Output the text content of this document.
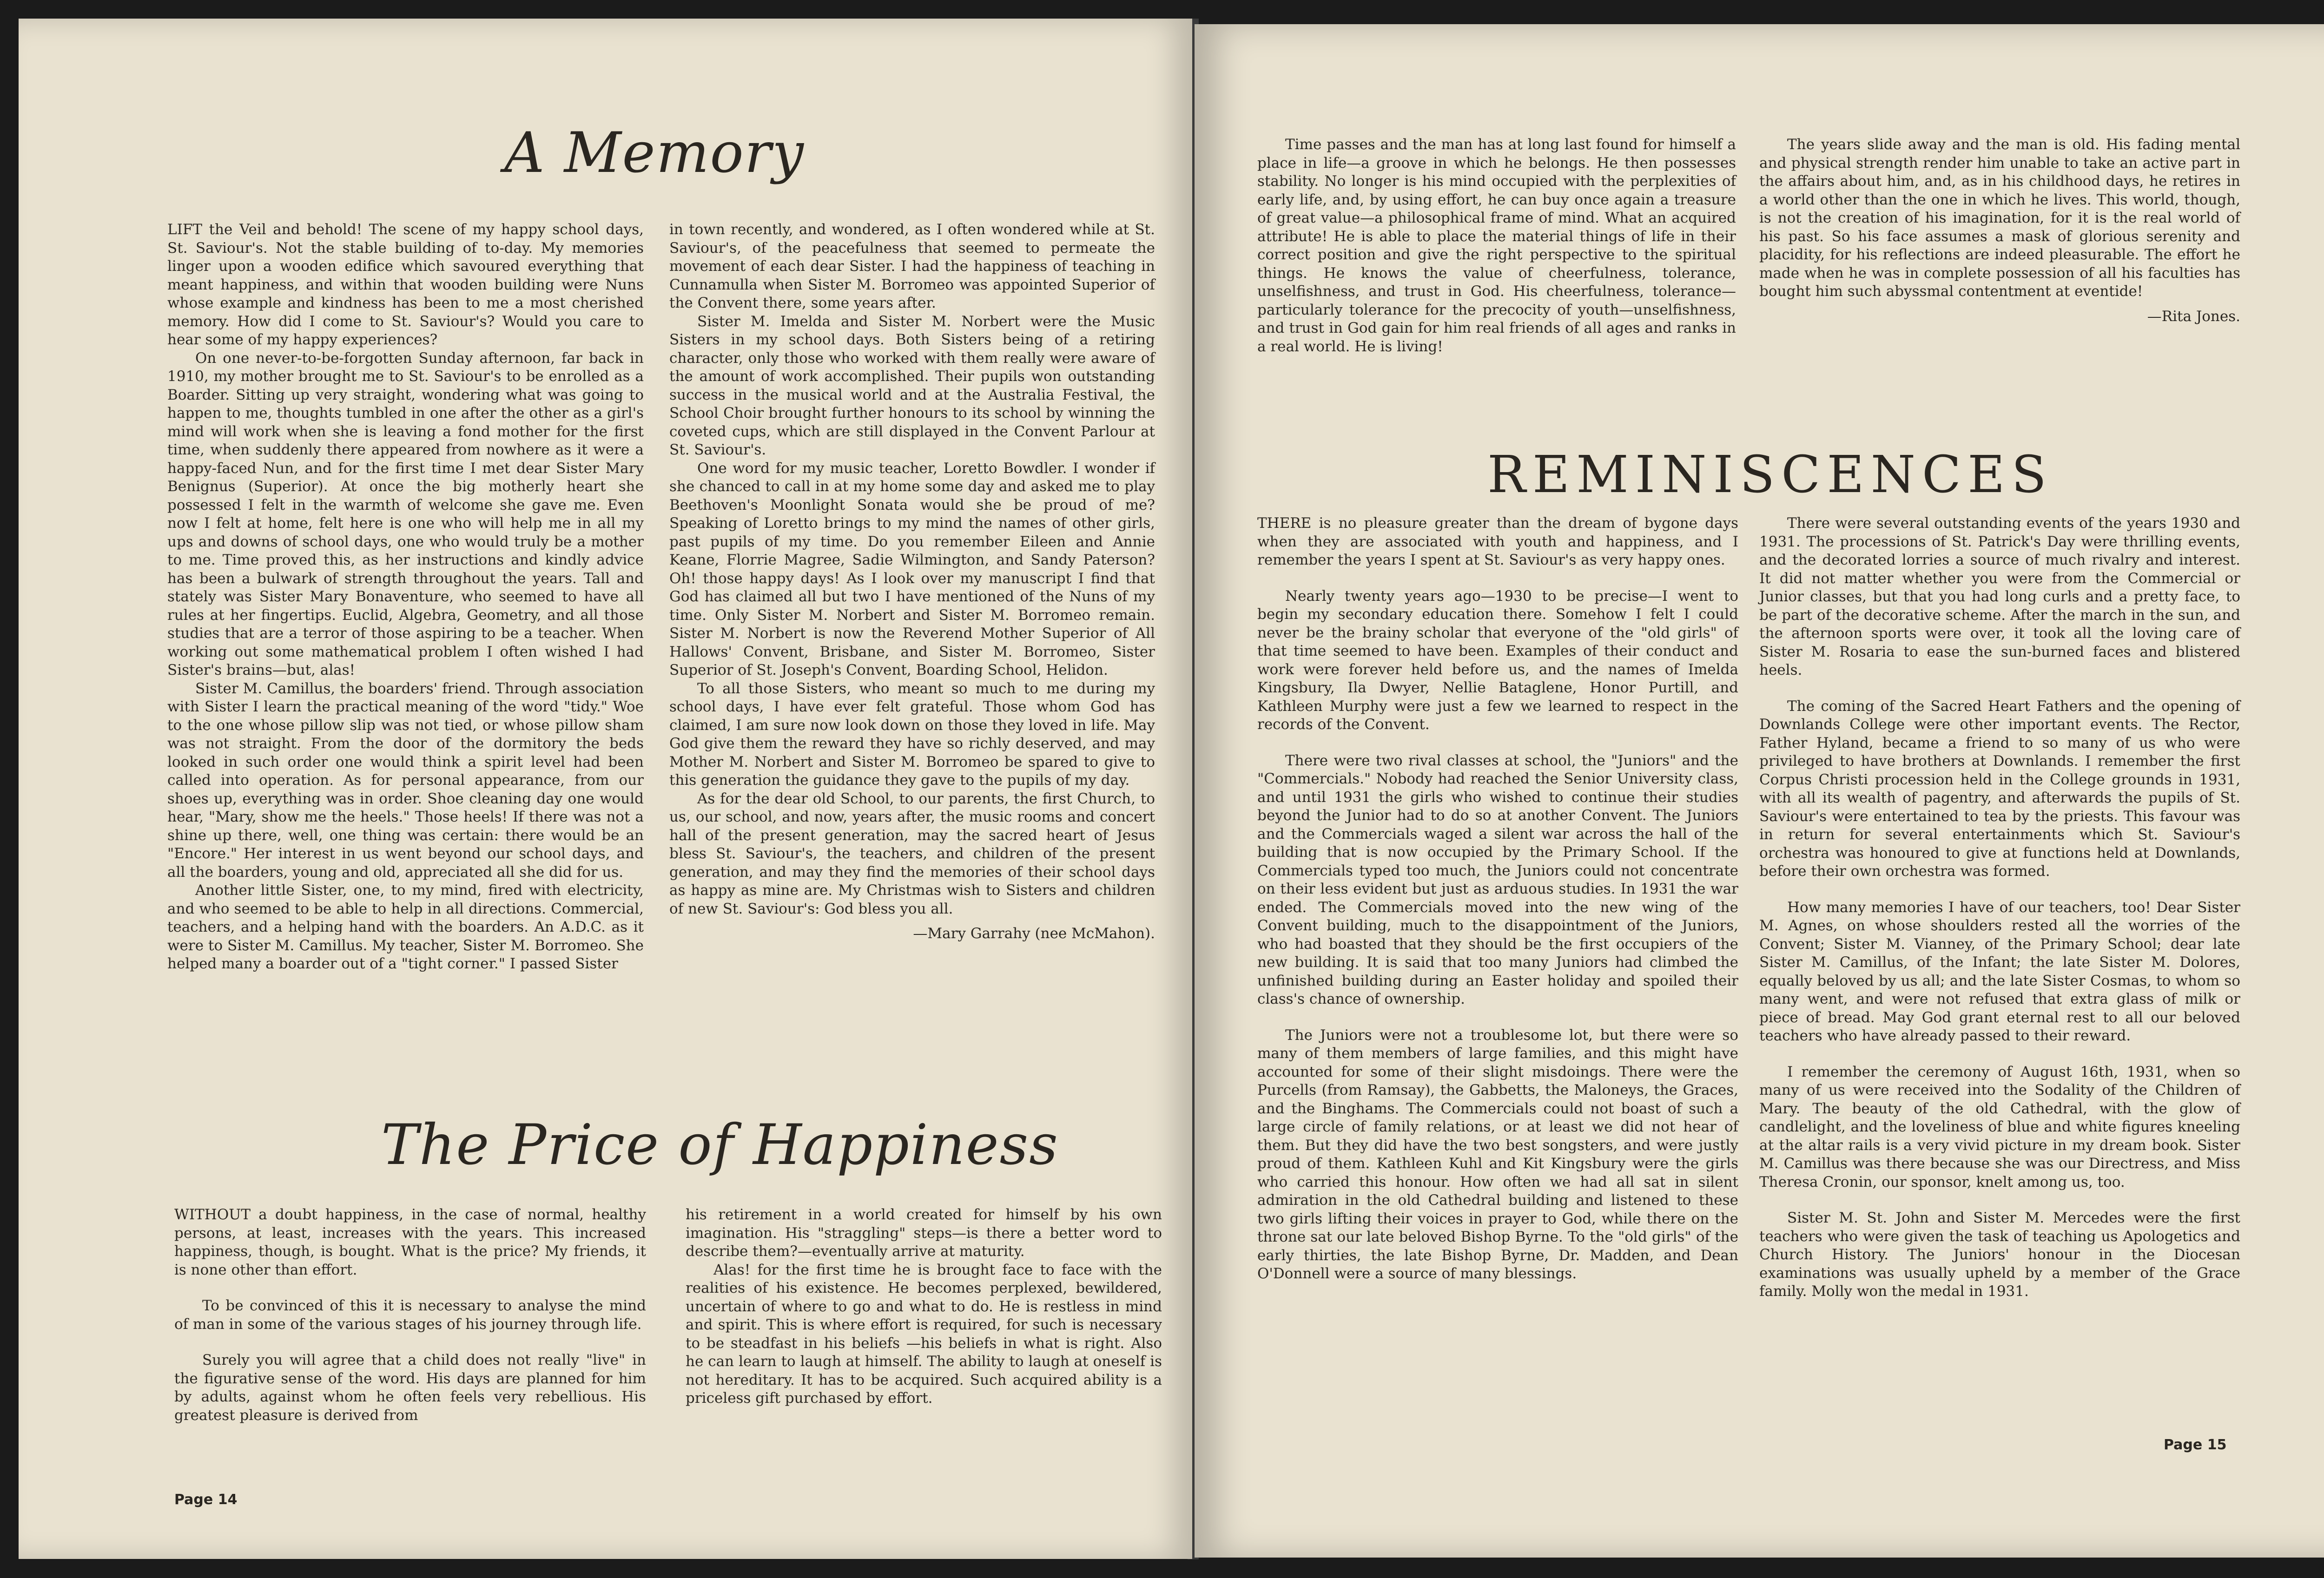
A Memory

LIFT the Veil and behold! The scene of my happy school days, St. Saviour's. Not the stable building of to-day. My memories linger upon a wooden edifice which savoured everything that meant happiness, and within that wooden building were Nuns whose example and kindness has been to me a most cherished memory. How did I come to St. Saviour's? Would you care to hear some of my happy experiences?

On one never-to-be-forgotten Sunday afternoon, far back in 1910, my mother brought me to St. Saviour's to be enrolled as a Boarder. Sitting up very straight, wondering what was going to happen to me, thoughts tumbled in one after the other as a girl's mind will work when she is leaving a fond mother for the first time, when suddenly there appeared from nowhere as it were a happy-faced Nun, and for the first time I met dear Sister Mary Benignus (Superior). At once the big motherly heart she possessed I felt in the warmth of welcome she gave me. Even now I felt at home, felt here is one who will help me in all my ups and downs of school days, one who would truly be a mother to me. Time proved this, as her instructions and kindly advice has been a bulwark of strength throughout the years. Tall and stately was Sister Mary Bonaventure, who seemed to have all rules at her fingertips. Euclid, Algebra, Geometry, and all those studies that are a terror of those aspiring to be a teacher. When working out some mathematical problem I often wished I had Sister's brains—but, alas!

Sister M. Camillus, the boarders' friend. Through association with Sister I learn the practical meaning of the word "tidy." Woe to the one whose pillow slip was not tied, or whose pillow sham was not straight. From the door of the dormitory the beds looked in such order one would think a spirit level had been called into operation. As for personal appearance, from our shoes up, everything was in order. Shoe cleaning day one would hear, "Mary, show me the heels." Those heels! If there was not a shine up there, well, one thing was certain: there would be an "Encore." Her interest in us went beyond our school days, and all the boarders, young and old, appreciated all she did for us.

Another little Sister, one, to my mind, fired with electricity, and who seemed to be able to help in all directions. Commercial, teachers, and a helping hand with the boarders. An A.D.C. as it were to Sister M. Camillus. My teacher, Sister M. Borromeo. She helped many a boarder out of a "tight corner." I passed Sister

in town recently, and wondered, as I often wondered while at St. Saviour's, of the peacefulness that seemed to permeate the movement of each dear Sister. I had the happiness of teaching in Cunnamulla when Sister M. Borromeo was appointed Superior of the Convent there, some years after.

Sister M. Imelda and Sister M. Norbert were the Music Sisters in my school days. Both Sisters being of a retiring character, only those who worked with them really were aware of the amount of work accomplished. Their pupils won outstanding success in the musical world and at the Australia Festival, the School Choir brought further honours to its school by winning the coveted cups, which are still displayed in the Convent Parlour at St. Saviour's.

One word for my music teacher, Loretto Bowdler. I wonder if she chanced to call in at my home some day and asked me to play Beethoven's Moonlight Sonata would she be proud of me? Speaking of Loretto brings to my mind the names of other girls, past pupils of my time. Do you remember Eileen and Annie Keane, Florrie Magree, Sadie Wilmington, and Sandy Paterson? Oh! those happy days! As I look over my manuscript I find that God has claimed all but two I have mentioned of the Nuns of my time. Only Sister M. Norbert and Sister M. Borromeo remain. Sister M. Norbert is now the Reverend Mother Superior of All Hallows' Convent, Brisbane, and Sister M. Borromeo, Sister Superior of St. Joseph's Convent, Boarding School, Helidon.

To all those Sisters, who meant so much to me during my school days, I have ever felt grateful. Those whom God has claimed, I am sure now look down on those they loved in life. May God give them the reward they have so richly deserved, and may Mother M. Norbert and Sister M. Borromeo be spared to give to this generation the guidance they gave to the pupils of my day.

As for the dear old School, to our parents, the first Church, to us, our school, and now, years after, the music rooms and concert hall of the present generation, may the sacred heart of Jesus bless St. Saviour's, the teachers, and children of the present generation, and may they find the memories of their school days as happy as mine are. My Christmas wish to Sisters and children of new St. Saviour's: God bless you all.

—Mary Garrahy (nee McMahon).

The Price of Happiness

WITHOUT a doubt happiness, in the case of normal, healthy persons, at least, increases with the years. This increased happiness, though, is bought. What is the price? My friends, it is none other than effort.

To be convinced of this it is necessary to analyse the mind of man in some of the various stages of his journey through life.

Surely you will agree that a child does not really "live" in the figurative sense of the word. His days are planned for him by adults, against whom he often feels very rebellious. His greatest pleasure is derived from

his retirement in a world created for himself by his own imagination. His "straggling" steps—is there a better word to describe them?—eventually arrive at maturity.

Alas! for the first time he is brought face to face with the realities of his existence. He becomes perplexed, bewildered, uncertain of where to go and what to do. He is restless in mind and spirit. This is where effort is required, for such is necessary to be steadfast in his beliefs —his beliefs in what is right. Also he can learn to laugh at himself. The ability to laugh at oneself is not hereditary. It has to be acquired. Such acquired ability is a priceless gift purchased by effort.

Page 14

Time passes and the man has at long last found for himself a place in life—a groove in which he belongs. He then possesses stability. No longer is his mind occupied with the perplexities of early life, and, by using effort, he can buy once again a treasure of great value—a philosophical frame of mind. What an acquired attribute! He is able to place the material things of life in their correct position and give the right perspective to the spiritual things. He knows the value of cheerfulness, tolerance, unselfishness, and trust in God. His cheerfulness, tolerance—particularly tolerance for the precocity of youth—unselfishness, and trust in God gain for him real friends of all ages and ranks in a real world. He is living!

The years slide away and the man is old. His fading mental and physical strength render him unable to take an active part in the affairs about him, and, as in his childhood days, he retires in a world other than the one in which he lives. This world, though, is not the creation of his imagination, for it is the real world of his past. So his face assumes a mask of glorious serenity and placidity, for his reflections are indeed pleasurable. The effort he made when he was in complete possession of all his faculties has bought him such abyssmal contentment at eventide!

—Rita Jones.

REMINISCENCES

THERE is no pleasure greater than the dream of bygone days when they are associated with youth and happiness, and I remember the years I spent at St. Saviour's as very happy ones.

Nearly twenty years ago—1930 to be precise—I went to begin my secondary education there. Somehow I felt I could never be the brainy scholar that everyone of the "old girls" of that time seemed to have been. Examples of their conduct and work were forever held before us, and the names of Imelda Kingsbury, Ila Dwyer, Nellie Bataglene, Honor Purtill, and Kathleen Murphy were just a few we learned to respect in the records of the Convent.

There were two rival classes at school, the "Juniors" and the "Commercials." Nobody had reached the Senior University class, and until 1931 the girls who wished to continue their studies beyond the Junior had to do so at another Convent. The Juniors and the Commercials waged a silent war across the hall of the building that is now occupied by the Primary School. If the Commercials typed too much, the Juniors could not concentrate on their less evident but just as arduous studies. In 1931 the war ended. The Commercials moved into the new wing of the Convent building, much to the disappointment of the Juniors, who had boasted that they should be the first occupiers of the new building. It is said that too many Juniors had climbed the unfinished building during an Easter holiday and spoiled their class's chance of ownership.

The Juniors were not a troublesome lot, but there were so many of them members of large families, and this might have accounted for some of their slight misdoings. There were the Purcells (from Ramsay), the Gabbetts, the Maloneys, the Graces, and the Binghams. The Commercials could not boast of such a large circle of family relations, or at least we did not hear of them. But they did have the two best songsters, and were justly proud of them. Kathleen Kuhl and Kit Kingsbury were the girls who carried this honour. How often we had all sat in silent admiration in the old Cathedral building and listened to these two girls lifting their voices in prayer to God, while there on the throne sat our late beloved Bishop Byrne. To the "old girls" of the early thirties, the late Bishop Byrne, Dr. Madden, and Dean O'Donnell were a source of many blessings.

There were several outstanding events of the years 1930 and 1931. The processions of St. Patrick's Day were thrilling events, and the decorated lorries a source of much rivalry and interest. It did not matter whether you were from the Commercial or Junior classes, but that you had long curls and a pretty face, to be part of the decorative scheme. After the march in the sun, and the afternoon sports were over, it took all the loving care of Sister M. Rosaria to ease the sun-burned faces and blistered heels.

The coming of the Sacred Heart Fathers and the opening of Downlands College were other important events. The Rector, Father Hyland, became a friend to so many of us who were privileged to have brothers at Downlands. I remember the first Corpus Christi procession held in the College grounds in 1931, with all its wealth of pagentry, and afterwards the pupils of St. Saviour's were entertained to tea by the priests. This favour was in return for several entertainments which St. Saviour's orchestra was honoured to give at functions held at Downlands, before their own orchestra was formed.

How many memories I have of our teachers, too! Dear Sister M. Agnes, on whose shoulders rested all the worries of the Convent; Sister M. Vianney, of the Primary School; dear late Sister M. Camillus, of the Infant; the late Sister M. Dolores, equally beloved by us all; and the late Sister Cosmas, to whom so many went, and were not refused that extra glass of milk or piece of bread. May God grant eternal rest to all our beloved teachers who have already passed to their reward.

I remember the ceremony of August 16th, 1931, when so many of us were received into the Sodality of the Children of Mary. The beauty of the old Cathedral, with the glow of candlelight, and the loveliness of blue and white figures kneeling at the altar rails is a very vivid picture in my dream book. Sister M. Camillus was there because she was our Directress, and Miss Theresa Cronin, our sponsor, knelt among us, too.

Sister M. St. John and Sister M. Mercedes were the first teachers who were given the task of teaching us Apologetics and Church History. The Juniors' honour in the Diocesan examinations was usually upheld by a member of the Grace family. Molly won the medal in 1931.

Page 15
